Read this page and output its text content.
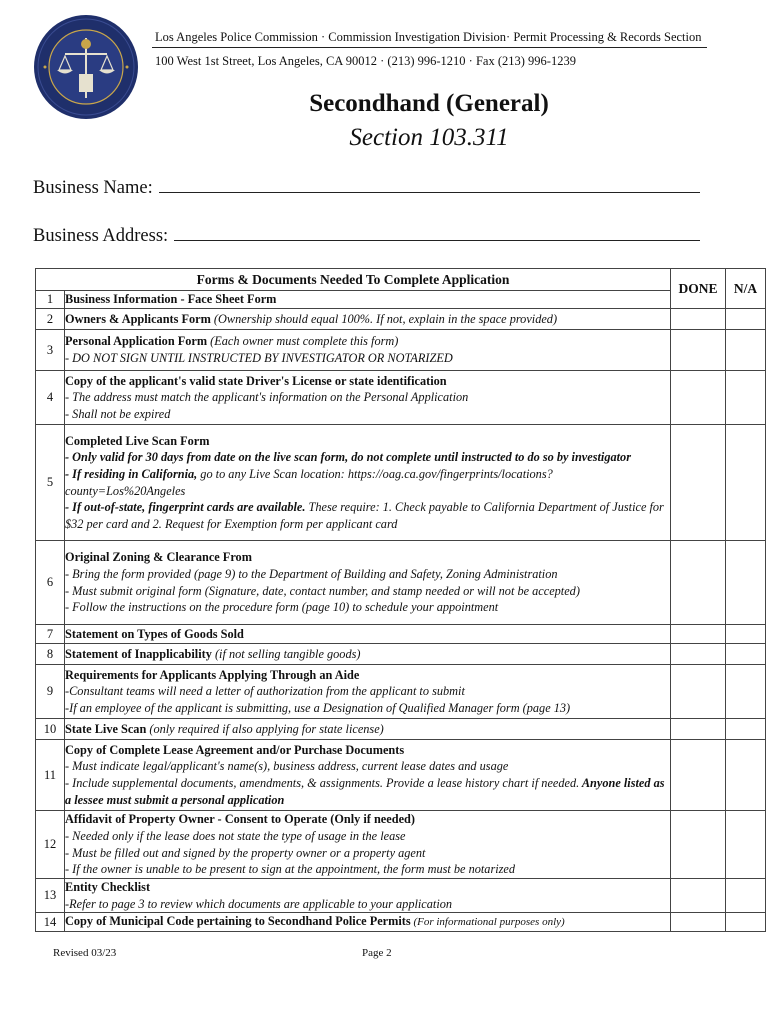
Los Angeles Police Commission · Commission Investigation Division· Permit Processing & Records Section
100 West 1st Street, Los Angeles, CA 90012 · (213) 996-1210 · Fax (213) 996-1239
Secondhand (General)
Section 103.311
Business Name:
Business Address:
Forms & Documents Needed To Complete Application		DONE	N/A
1	Business Information - Face Sheet Form		
2	Owners & Applicants Form (Ownership should equal 100%. If not, explain in the space provided)		
3	Personal Application Form (Each owner must complete this form)
- DO NOT SIGN UNTIL INSTRUCTED BY INVESTIGATOR OR NOTARIZED		

4	Copy of the applicant's valid state Driver's License or state identification
- The address must match the applicant's information on the Personal Application
- Shall not be expired		

5	Completed Live Scan Form
- Only valid for 30 days from date on the live scan form, do not complete until instructed to do so by investigator
- If residing in California, go to any Live Scan location: https://oag.ca.gov/fingerprints/locations?county=Los%20Angeles
- If out-of-state, fingerprint cards are available. These require: 1. Check payable to California Department of Justice for $32 per card and 2. Request for Exemption form per applicant card		

6	Original Zoning & Clearance From
- Bring the form provided (page 9) to the Department of Building and Safety, Zoning Administration
- Must submit original form (Signature, date, contact number, and stamp needed or will not be accepted)
- Follow the instructions on the procedure form (page 10) to schedule your appointment		

7	Statement on Types of Goods Sold		
8	Statement of Inapplicability (if not selling tangible goods)		
9	Requirements for Applicants Applying Through an Aide
-Consultant teams will need a letter of authorization from the applicant to submit
-If an employee of the applicant is submitting, use a Designation of Qualified Manager form (page 13)		

10	State Live Scan (only required if also applying for state license)		
11	Copy of Complete Lease Agreement and/or Purchase Documents
- Must indicate legal/applicant's name(s), business address, current lease dates and usage
- Include supplemental documents, amendments, & assignments. Provide a lease history chart if needed. Anyone listed as a lessee must submit a personal application		

12	Affidavit of Property Owner - Consent to Operate (Only if needed)
- Needed only if the lease does not state the type of usage in the lease
- Must be filled out and signed by the property owner or a property agent
- If the owner is unable to be present to sign at the appointment, the form must be notarized		

13	Entity Checklist
-Refer to page 3 to review which documents are applicable to your application		

14	Copy of Municipal Code pertaining to Secondhand Police Permits (For informational purposes only)		
Revised 03/23	Page 2
